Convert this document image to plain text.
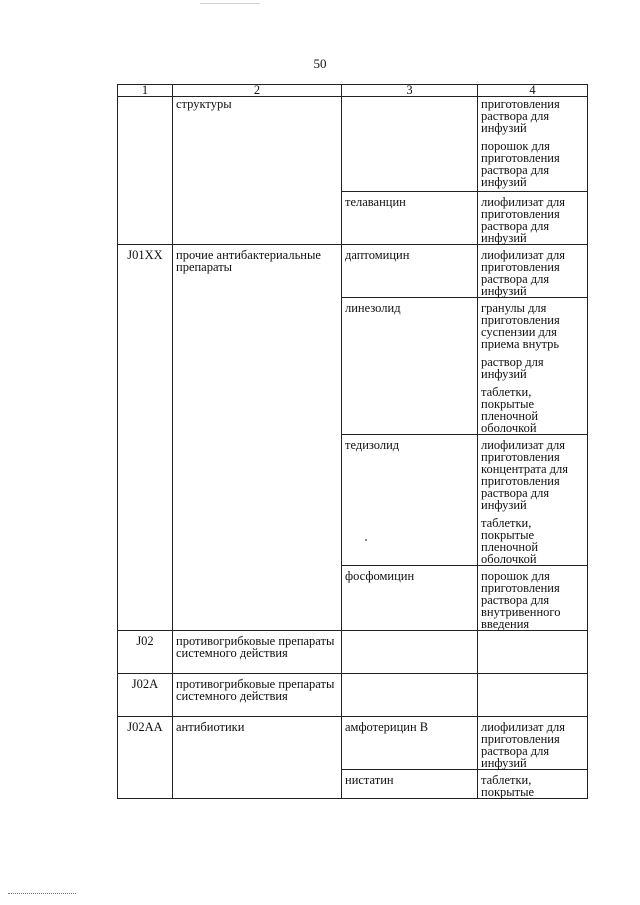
50
1	2	3	4
	структуры		приготовления раствора для инфузий
порошок для приготовления раствора для инфузий

		телаванцин	лиофилизат для приготовления раствора для инфузий

J01XX	прочие антибактериальные препараты	даптомицин	лиофилизат для приготовления раствора для инфузий

		линезолид	гранулы для приготовления суспензии для приема внутрь
раствор для инфузий
таблетки, покрытые пленочной оболочкой

		тедизолид	лиофилизат для приготовления концентрата для приготовления раствора для инфузий
таблетки, покрытые пленочной оболочкой

		фосфомицин	порошок для приготовления раствора для внутривенного введения

J02	противогрибковые препараты системного действия		
J02A	противогрибковые препараты системного действия		
J02AA	антибиотики	амфотерицин В	лиофилизат для приготовления раствора для инфузий

		нистатин	таблетки, покрытые
